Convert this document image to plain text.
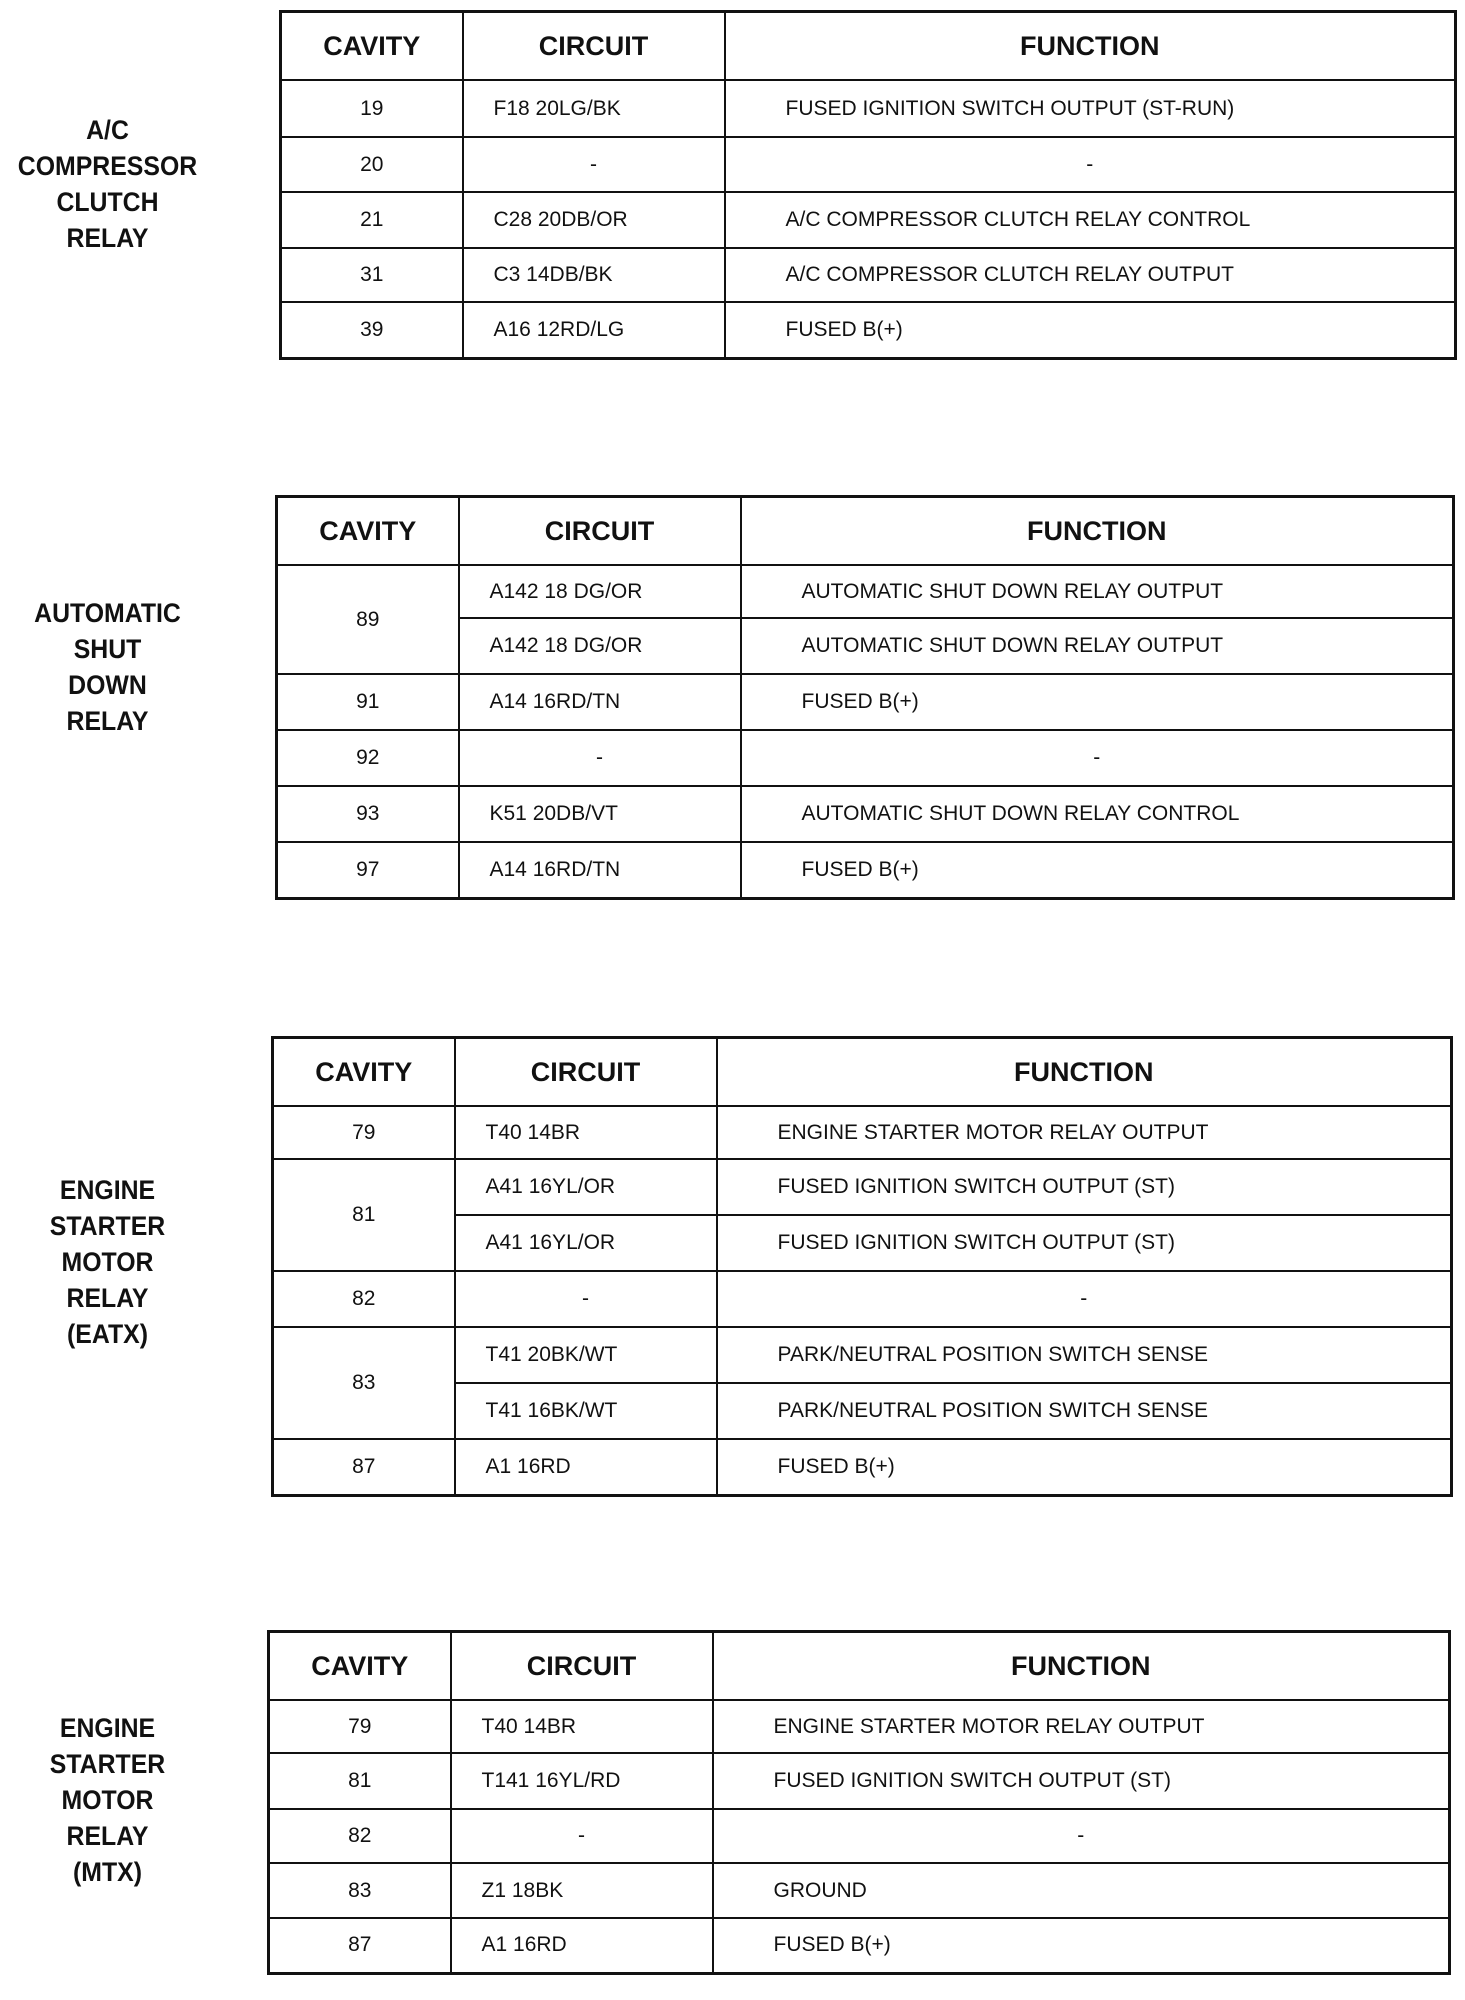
A/C
COMPRESSOR
CLUTCH
RELAY
CAVITY	CIRCUIT	FUNCTION
19	F18 20LG/BK	FUSED IGNITION SWITCH OUTPUT (ST-RUN)
20	-	-
21	C28 20DB/OR	A/C COMPRESSOR CLUTCH RELAY CONTROL
31	C3 14DB/BK	A/C COMPRESSOR CLUTCH RELAY OUTPUT
39	A16 12RD/LG	FUSED B(+)
AUTOMATIC
SHUT
DOWN
RELAY
CAVITY	CIRCUIT	FUNCTION
89	A142 18 DG/OR	AUTOMATIC SHUT DOWN RELAY OUTPUT
	A142 18 DG/OR	AUTOMATIC SHUT DOWN RELAY OUTPUT
91	A14 16RD/TN	FUSED B(+)
92	-	-
93	K51 20DB/VT	AUTOMATIC SHUT DOWN RELAY CONTROL
97	A14 16RD/TN	FUSED B(+)
ENGINE
STARTER
MOTOR
RELAY
(EATX)
CAVITY	CIRCUIT	FUNCTION
79	T40 14BR	ENGINE STARTER MOTOR RELAY OUTPUT
81	A41 16YL/OR	FUSED IGNITION SWITCH OUTPUT (ST)
	A41 16YL/OR	FUSED IGNITION SWITCH OUTPUT (ST)
82	-	-
83	T41 20BK/WT	PARK/NEUTRAL POSITION SWITCH SENSE
	T41 16BK/WT	PARK/NEUTRAL POSITION SWITCH SENSE
87	A1 16RD	FUSED B(+)
ENGINE
STARTER
MOTOR
RELAY
(MTX)
CAVITY	CIRCUIT	FUNCTION
79	T40 14BR	ENGINE STARTER MOTOR RELAY OUTPUT
81	T141 16YL/RD	FUSED IGNITION SWITCH OUTPUT (ST)
82	-	-
83	Z1 18BK	GROUND
87	A1 16RD	FUSED B(+)
